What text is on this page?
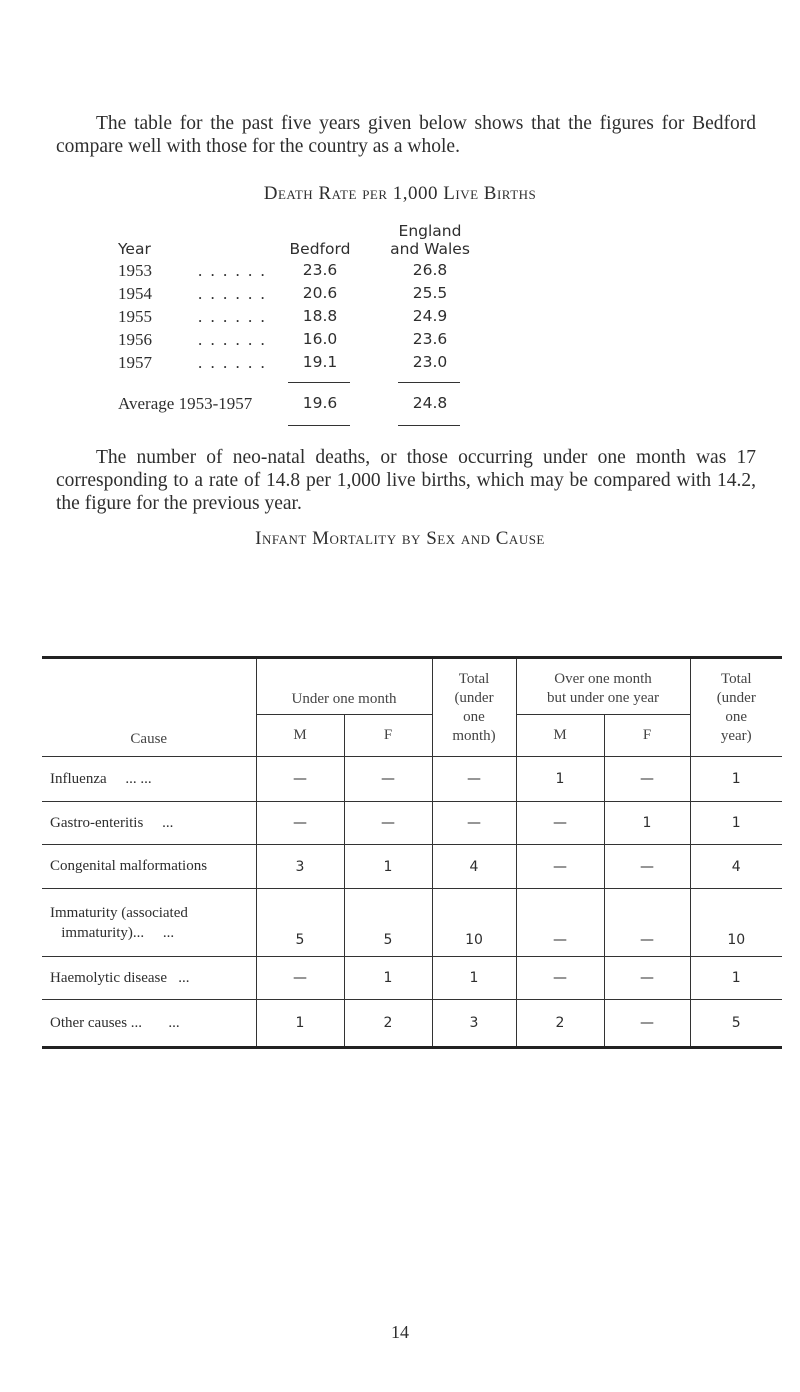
The table for the past five years given below shows that the figures for Bedford compare well with those for the country as a whole.

Death Rate per 1,000 Live Births

England
Year	Bedford	and Wales
1953	. . . . . .	23.6	26.8
1954	. . . . . .	20.6	25.5
1955	. . . . . .	18.8	24.9
1956	. . . . . .	16.0	23.6
1957	. . . . . .	19.1	23.0
Average 1953-1957	19.6	24.8

The number of neo-natal deaths, or those occurring under one month was 17 corresponding to a rate of 14.8 per 1,000 live births, which may be compared with 14.2, the figure for the previous year.

Infant Mortality by Sex and Cause

Cause	Under one month		Total (under one month)	Over one month but under one year		Total (under one year)
	M	F		M	F	
Influenza ... ...	—	—	—	1	—	1
Gastro-enteritis ...	—	—	—	—	1	1
Congenital malformations	3	1	4	—	—	4
Immaturity (associated
immaturity)... ...	5	5	10	—	—	10
Haemolytic disease ...	—	1	1	—	—	1
Other causes ... ...	1	2	3	2	—	5
14
